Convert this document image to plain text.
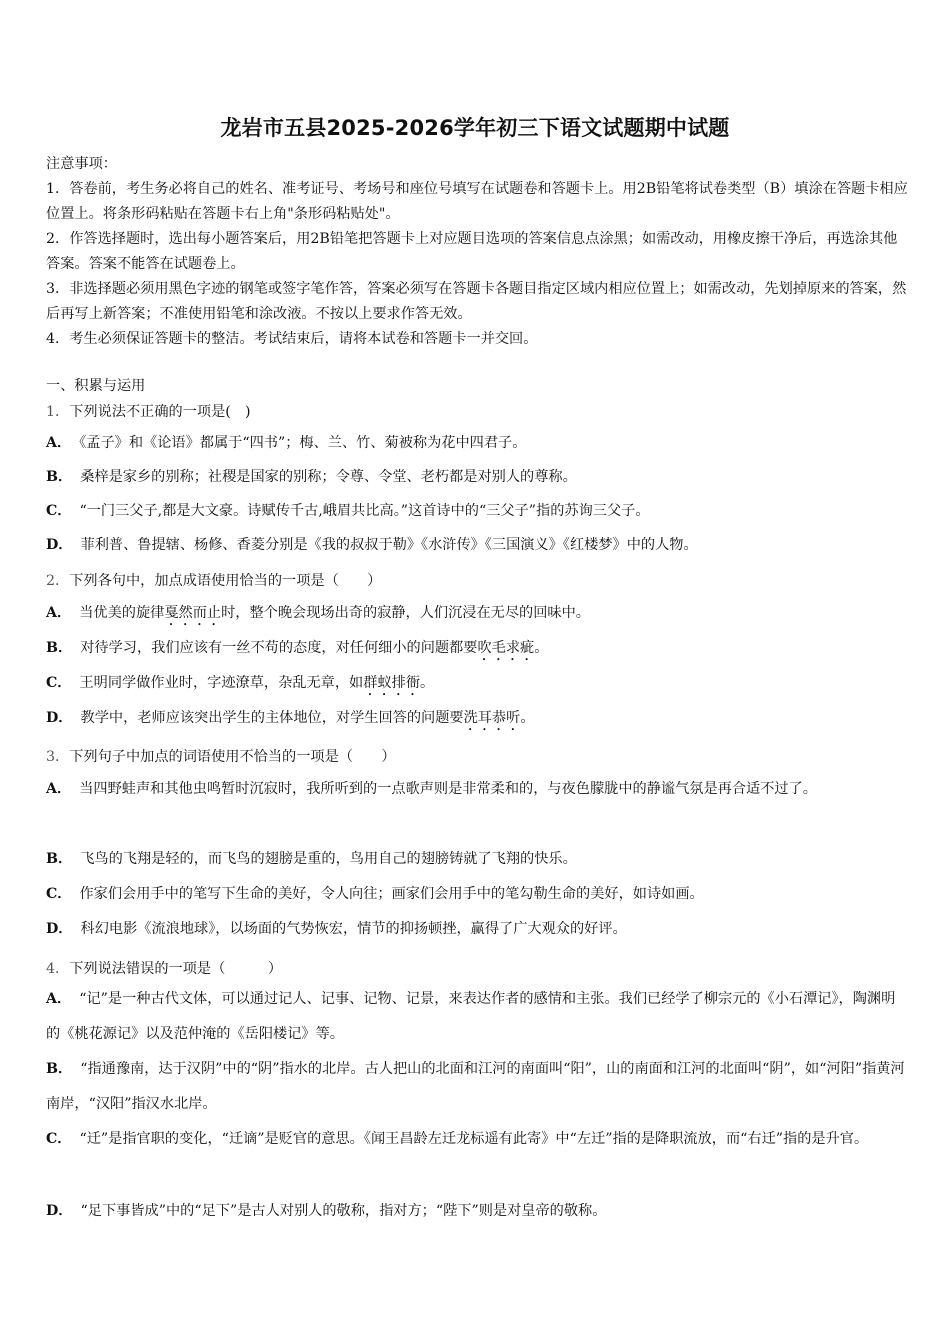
龙岩市五县2025-2026学年初三下语文试题期中试题

注意事项：

1．答卷前，考生务必将自己的姓名、准考证号、考场号和座位号填写在试题卷和答题卡上。用2B铅笔将试卷类型（B）填涂在答题卡相应位置上。将条形码粘贴在答题卡右上角"条形码粘贴处"。

2．作答选择题时，选出每小题答案后，用2B铅笔把答题卡上对应题目选项的答案信息点涂黑；如需改动，用橡皮擦干净后，再选涂其他答案。答案不能答在试题卷上。

3．非选择题必须用黑色字迹的钢笔或签字笔作答，答案必须写在答题卡各题目指定区域内相应位置上；如需改动，先划掉原来的答案，然后再写上新答案；不准使用铅笔和涂改液。不按以上要求作答无效。

4．考生必须保证答题卡的整洁。考试结束后，请将本试卷和答题卡一并交回。

一、积累与运用
1．下列说法不正确的一项是(　)
A． 《孟子》和《论语》都属于“四书”；梅、兰、竹、菊被称为花中四君子。
B． 桑梓是家乡的别称；社稷是国家的别称；令尊、令堂、老朽都是对别人的尊称。
C． “一门三父子,都是大文豪。诗赋传千古,峨眉共比高。”这首诗中的“三父子”指的苏询三父子。
D． 菲利普、鲁提辖、杨修、香菱分别是《我的叔叔于勒》《水浒传》《三国演义》《红楼梦》中的人物。
2．下列各句中，加点成语使用恰当的一项是（　　）
A． 当优美的旋律戛然而止时，整个晚会现场出奇的寂静，人们沉浸在无尽的回味中。
B． 对待学习，我们应该有一丝不苟的态度，对任何细小的问题都要吹毛求疵。
C． 王明同学做作业时，字迹潦草，杂乱无章，如群蚁排衙。
D． 教学中，老师应该突出学生的主体地位，对学生回答的问题要洗耳恭听。
3．下列句子中加点的词语使用不恰当的一项是（　　）
A． 当四野蛙声和其他虫鸣暂时沉寂时，我所听到的一点歌声则是非常柔和的，与夜色朦胧中的静谧气氛是再合适不过了。
B． 飞鸟的飞翔是轻的，而飞鸟的翅膀是重的，鸟用自己的翅膀铸就了飞翔的快乐。
C． 作家们会用手中的笔写下生命的美好，令人向往；画家们会用手中的笔勾勒生命的美好，如诗如画。
D． 科幻电影《流浪地球》，以场面的气势恢宏，情节的抑扬顿挫，赢得了广大观众的好评。
4．下列说法错误的一项是（　　　）
A． “记”是一种古代文体，可以通过记人、记事、记物、记景，来表达作者的感情和主张。我们已经学了柳宗元的《小石潭记》，陶渊明的《桃花源记》以及范仲淹的《岳阳楼记》等。
B． “指通豫南，达于汉阴”中的“阴”指水的北岸。古人把山的北面和江河的南面叫“阳”，山的南面和江河的北面叫“阴”，如“河阳”指黄河南岸，“汉阳”指汉水北岸。
C． “迁”是指官职的变化，“迁谪”是贬官的意思。《闻王昌龄左迁龙标遥有此寄》中“左迁”指的是降职流放，而“右迁”指的是升官。
D． “足下事皆成”中的“足下”是古人对别人的敬称，指对方；“陛下”则是对皇帝的敬称。
